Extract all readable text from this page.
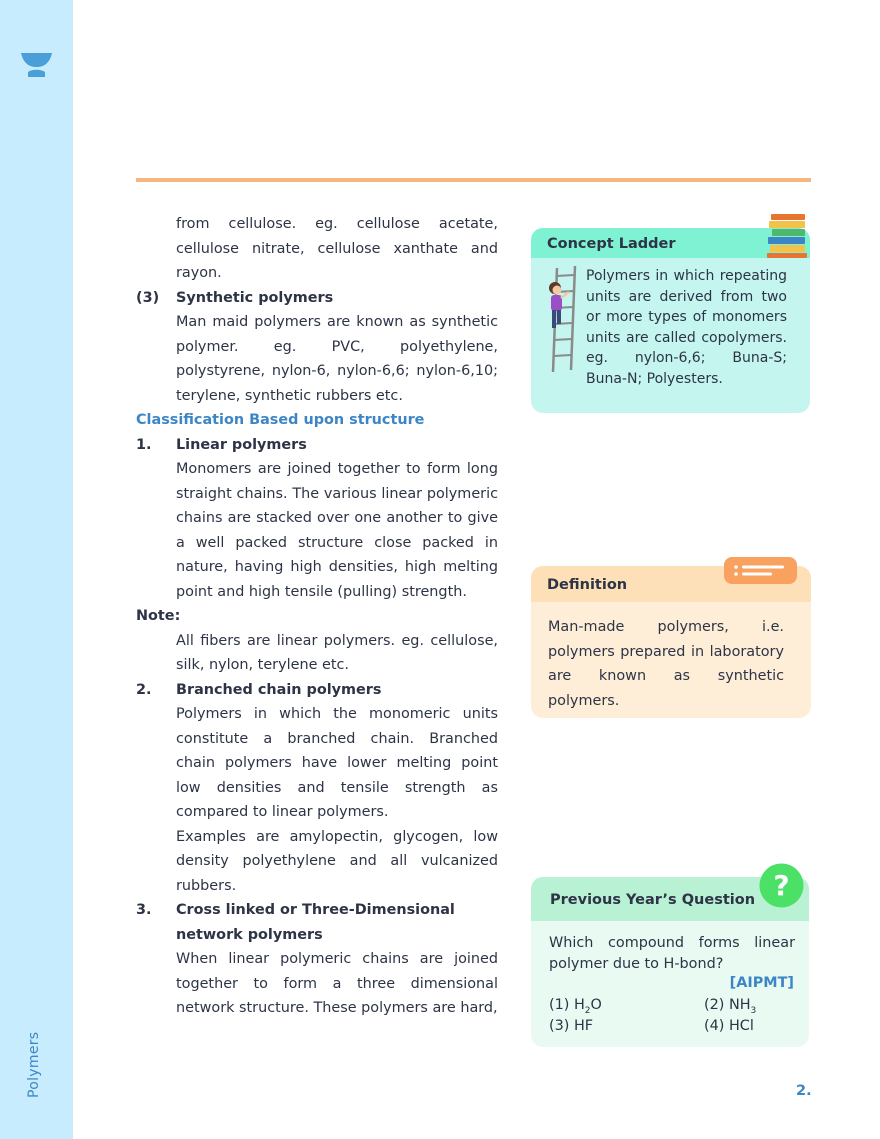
Polymers

from cellulose. eg. cellulose acetate, cellulose nitrate, cellulose xanthate and rayon.

(3)	Synthetic polymers

Man maid polymers are known as synthetic polymer. eg. PVC, polyethylene, polystyrene, nylon-6, nylon-6,6; nylon-6,10; terylene, synthetic rubbers etc.

Classification Based upon structure

1.	Linear polymers

Monomers are joined together to form long straight chains. The various linear polymeric chains are stacked over one another to give a well packed structure close packed in nature, having high densities, high melting point and high tensile (pulling) strength.

Note:

All fibers are linear polymers. eg. cellulose, silk, nylon, terylene etc.

2.	Branched chain polymers

Polymers in which the monomeric units constitute a branched chain. Branched chain polymers have lower melting point low densities and tensile strength as compared to linear polymers.

Examples are amylopectin, glycogen, low density polyethylene and all vulcanized rubbers.

3.	Cross linked or Three-Dimensional network polymers

When linear polymeric chains are joined together to form a three dimensional network structure. These polymers are hard,

Concept Ladder

Polymers in which repeating units are derived from two or more types of monomers units are called copolymers. eg. nylon-6,6; Buna-S; Buna-N; Polyesters.

Definition

Man-made polymers, i.e. polymers prepared in laboratory are known as synthetic polymers.

Previous Year’s Question ?

Which compound forms linear polymer due to H-bond?

[AIPMT]
(1) $H_2O$	(2) $NH_3$
(3) HF	(4) HCl
2.
